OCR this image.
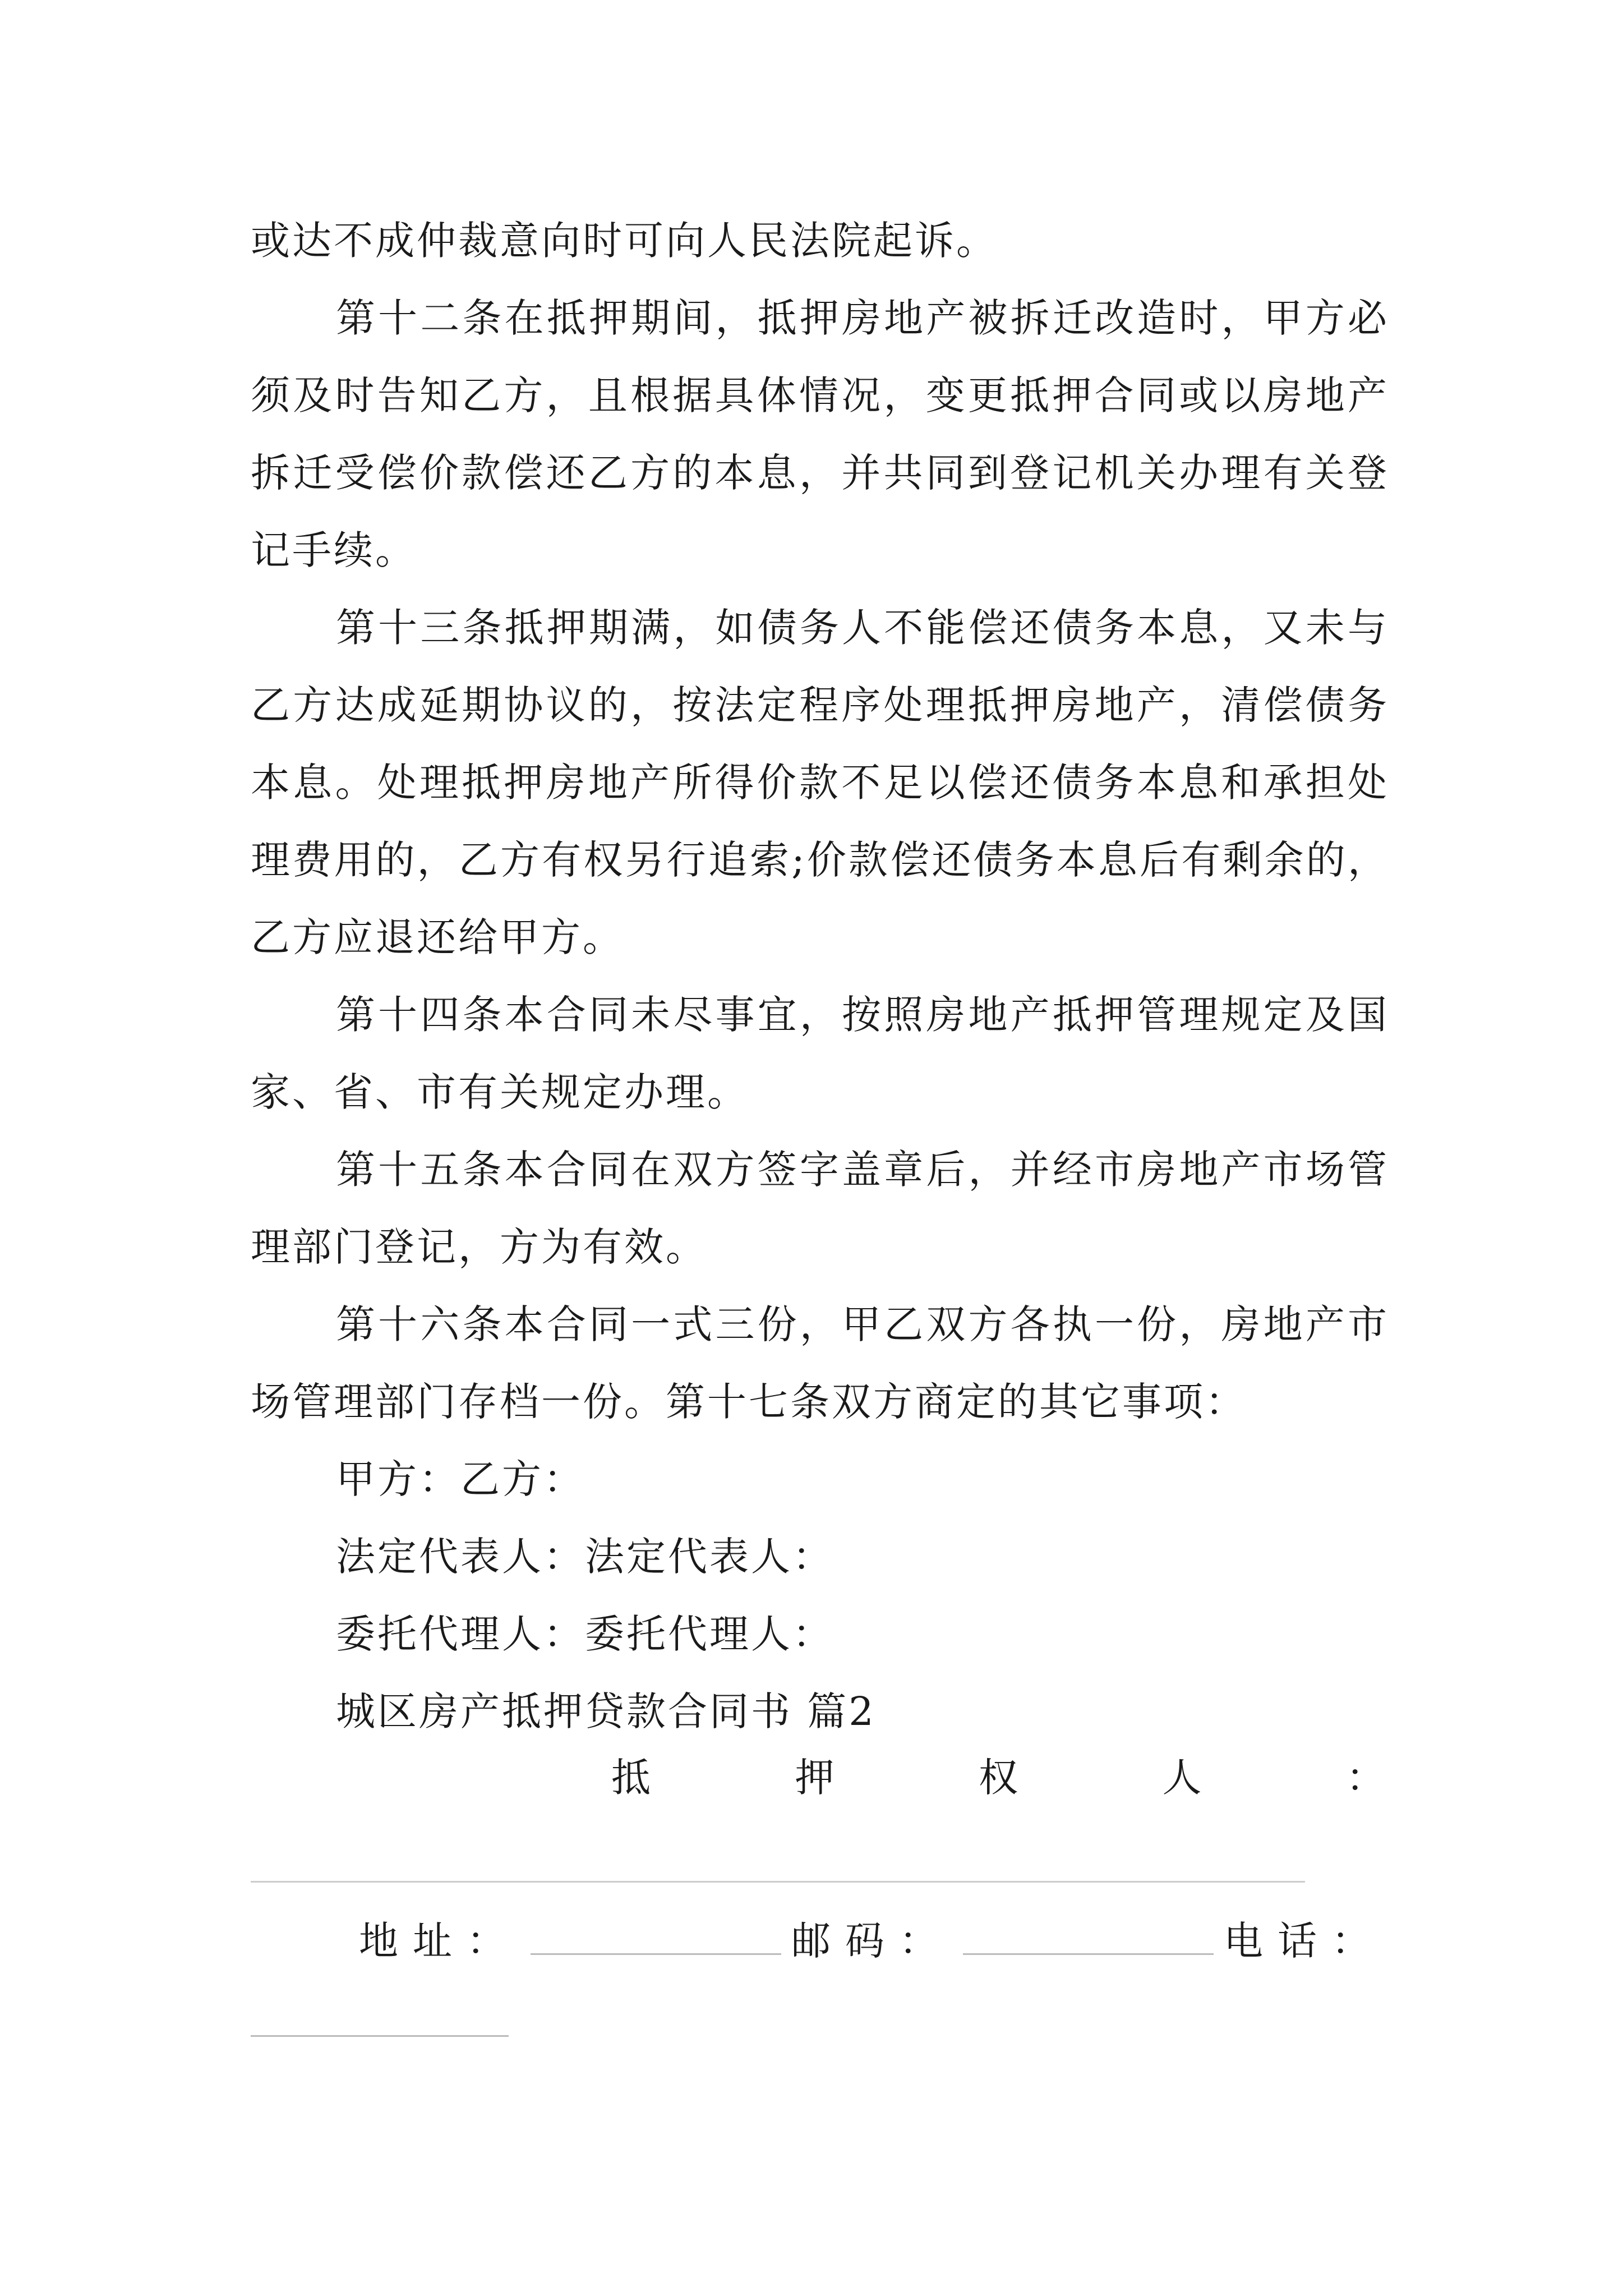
或达不成仲裁意向时可向人民法院起诉。

第十二条在抵押期间，抵押房地产被拆迁改造时，甲方必须及时告知乙方，且根据具体情况，变更抵押合同或以房地产拆迁受偿价款偿还乙方的本息，并共同到登记机关办理有关登记手续。

第十三条抵押期满，如债务人不能偿还债务本息，又未与乙方达成延期协议的，按法定程序处理抵押房地产，清偿债务本息。处理抵押房地产所得价款不足以偿还债务本息和承担处理费用的，乙方有权另行追索;价款偿还债务本息后有剩余的，乙方应退还给甲方。

第十四条本合同未尽事宜，按照房地产抵押管理规定及国家、省、市有关规定办理。

第十五条本合同在双方签字盖章后，并经市房地产市场管理部门登记，方为有效。

第十六条本合同一式三份，甲乙双方各执一份，房地产市场管理部门存档一份。第十七条双方商定的其它事项：

甲方：乙方：

法定代表人：法定代表人：

委托代理人：委托代理人：

城区房产抵押贷款合同书 篇2

抵	押	权	人	：
地址：	邮码：	电话：
